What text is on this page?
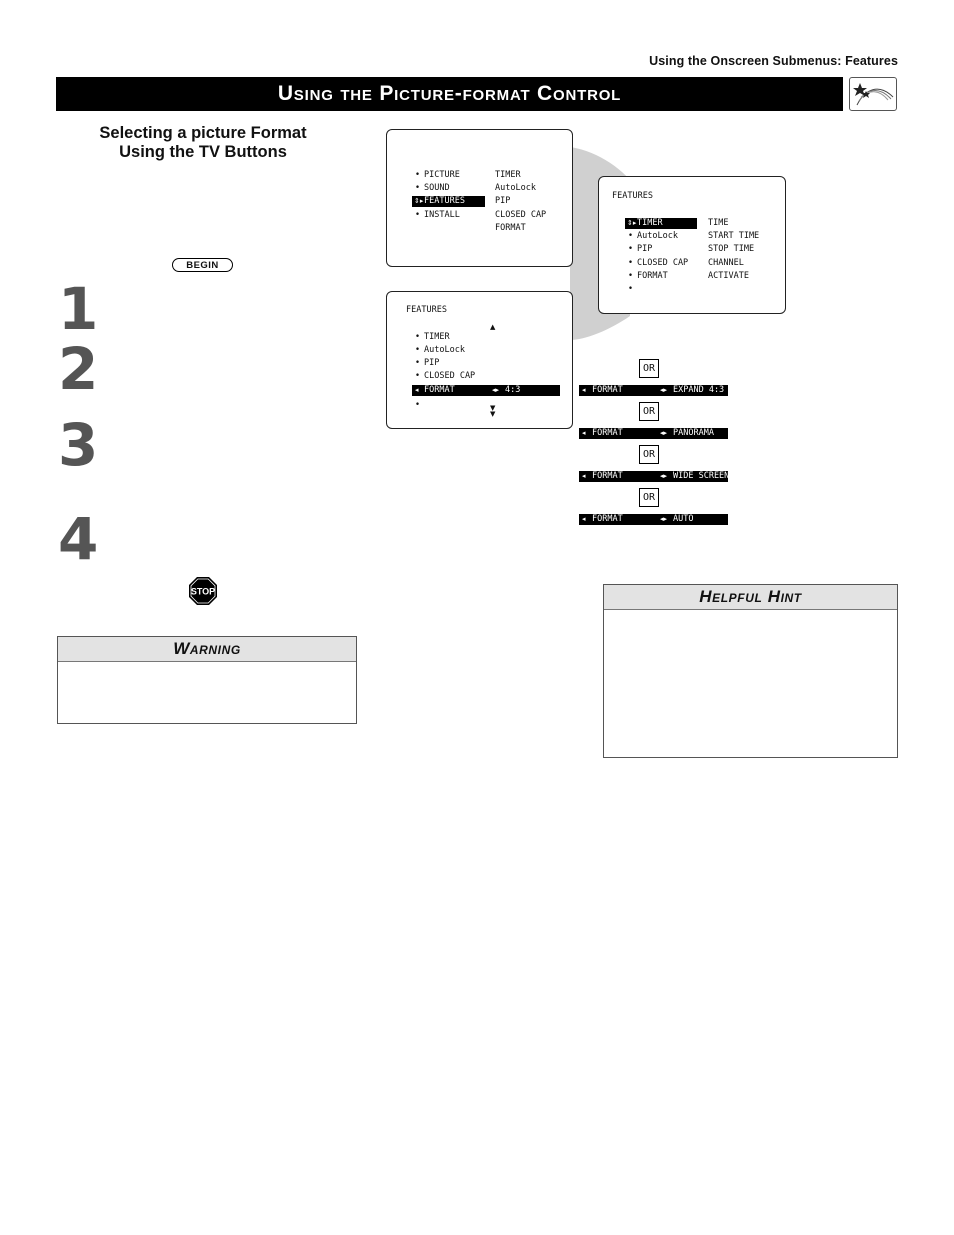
Using the Onscreen Submenus: Features
Using the Picture-format Control
Selecting a picture Format
Using the TV Buttons
BEGIN
1
2
3
4
STOP
• PICTURE
• SOUND
⇕▸ FEATURES
• INSTALL
TIMER
AutoLock
PIP
CLOSED CAP
FORMAT
FEATURES
⇕▸ TIMER
• AutoLock
• PIP
• CLOSED CAP
• FORMAT
TIME
START TIME
STOP TIME
CHANNEL
ACTIVATE
FEATURES
▲
• TIMER
• AutoLock
• PIP
• CLOSED CAP
◂ FORMAT	◂▸ 4:3
▼
▼
OR
◂ FORMAT	◂▸ EXPAND 4:3
OR
◂ FORMAT	◂▸ PANORAMA
OR
◂ FORMAT	◂▸ WIDE SCREEN
OR
◂ FORMAT	◂▸ AUTO
Warning
Helpful Hint
